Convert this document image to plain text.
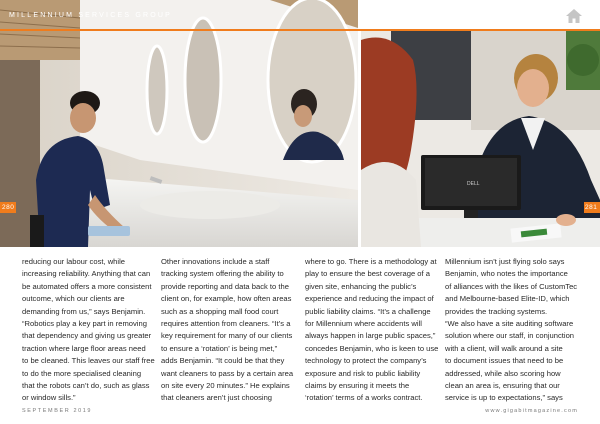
DELL
MILLENNIUM SERVICES GROUP
280	281

reducing our labour cost, while

increasing reliability. Anything that can

be automated offers a more consistent

outcome, which our clients are

demanding from us,” says Benjamin.

“Robotics play a key part in removing

that dependency and giving us greater

traction where large floor areas need

to be cleaned. This leaves our staff free

to do the more specialised cleaning

that the robots can’t do, such as glass

or window sills.”

Other innovations include a staff

tracking system offering the ability to

provide reporting and data back to the

client on, for example, how often areas

such as a shopping mall food court

requires attention from cleaners. “It’s a

key requirement for many of our clients

to ensure a ‘rotation’ is being met,”

adds Benjamin. “It could be that they

want cleaners to pass by a certain area

on site every 20 minutes.” He explains

that cleaners aren’t just choosing

where to go. There is a methodology at

play to ensure the best coverage of a

given site, enhancing the public’s

experience and reducing the impact of

public liability claims. “It’s a challenge

for Millennium where accidents will

always happen in large public spaces,”

concedes Benjamin, who is keen to use

technology to protect the company’s

exposure and risk to public liability

claims by ensuring it meets the

‘rotation’ terms of a works contract.

Millennium isn’t just flying solo says

Benjamin, who notes the importance

of alliances with the likes of CustomTec

and Melbourne-based Elite-ID, which

provides the tracking systems.

“We also have a site auditing software

solution where our staff, in conjunction

with a client, will walk around a site

to document issues that need to be

addressed, while also scoring how

clean an area is, ensuring that our

service is up to expectations,” says

SEPTEMBER 2019	www.gigabitmagazine.com
